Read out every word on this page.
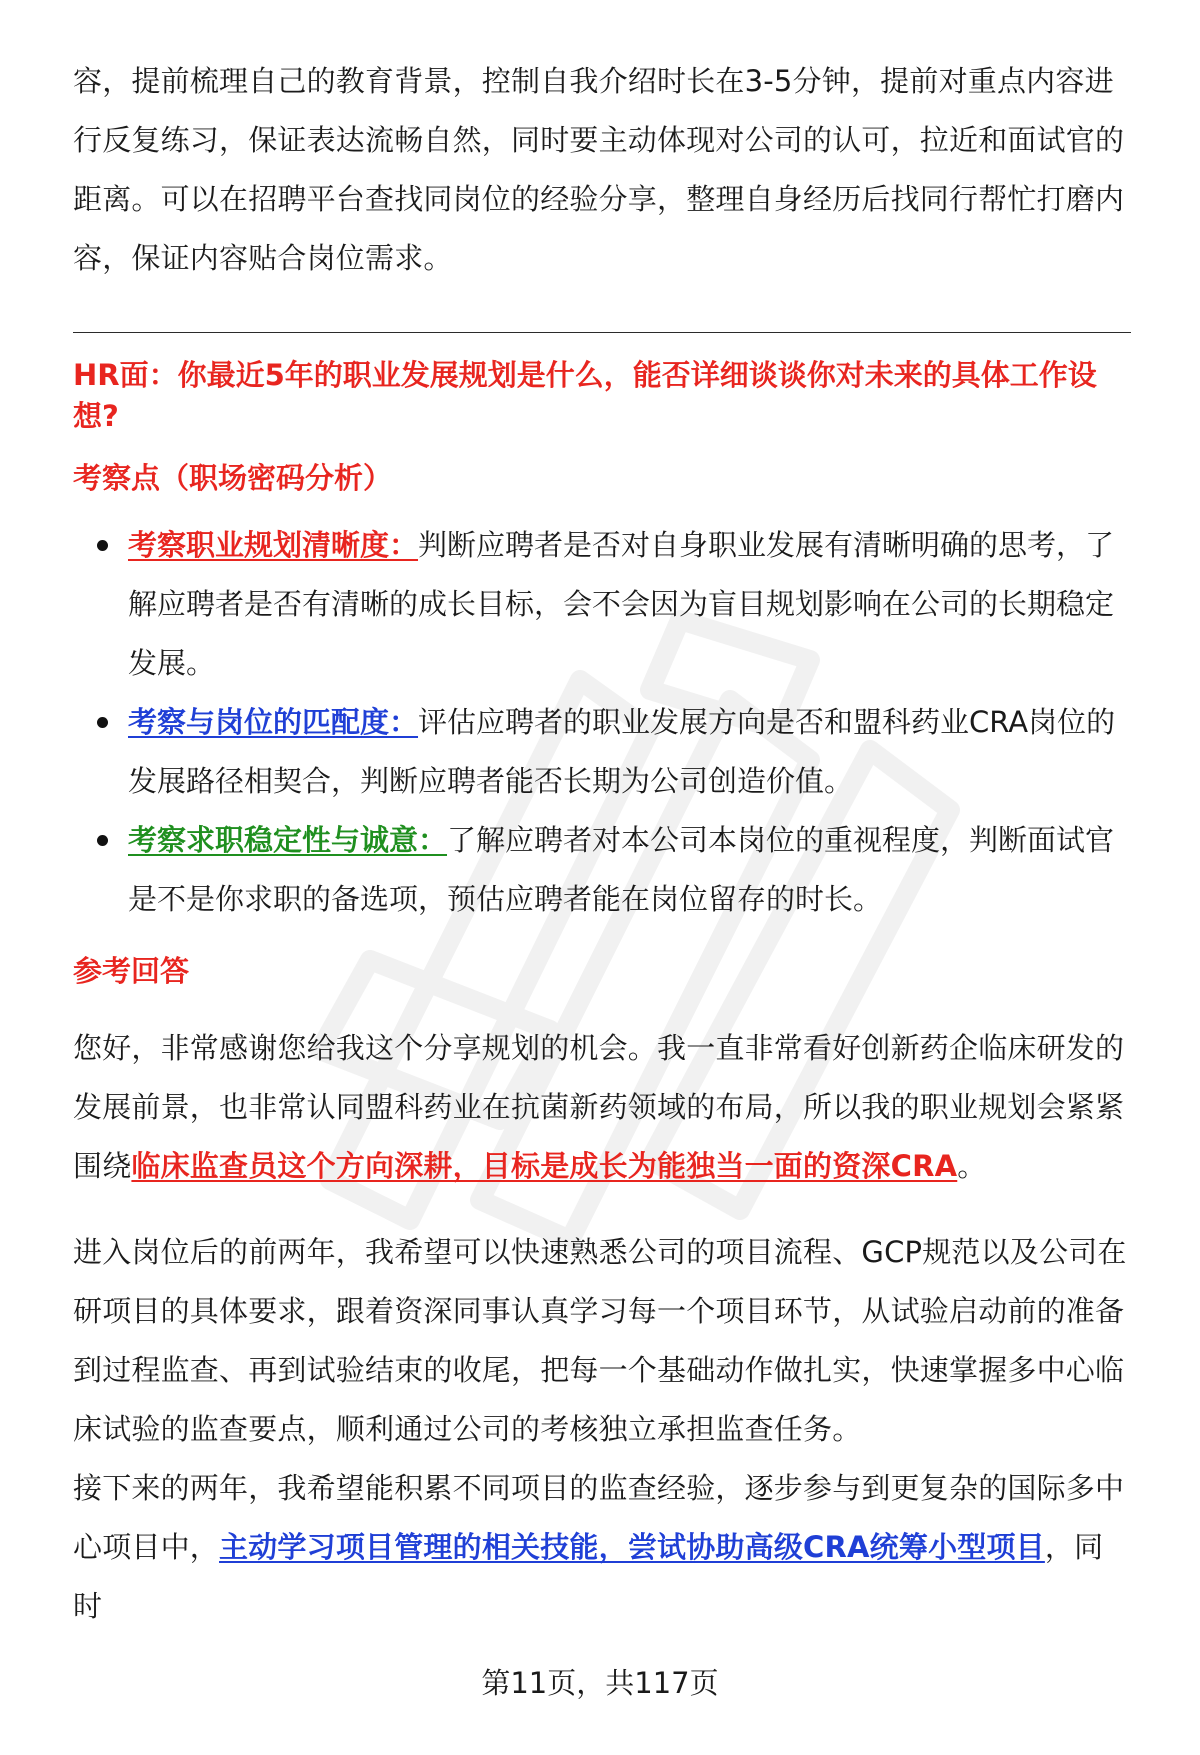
容，提前梳理自己的教育背景，控制自我介绍时长在3-5分钟，提前对重点内容进行反复练习，保证表达流畅自然，同时要主动体现对公司的认可，拉近和面试官的距离。可以在招聘平台查找同岗位的经验分享，整理自身经历后找同行帮忙打磨内容，保证内容贴合岗位需求。

HR面：你最近5年的职业发展规划是什么，能否详细谈谈你对未来的具体工作设想?

考察点（职场密码分析）

考察职业规划清晰度：判断应聘者是否对自身职业发展有清晰明确的思考，了解应聘者是否有清晰的成长目标，会不会因为盲目规划影响在公司的长期稳定发展。
考察与岗位的匹配度：评估应聘者的职业发展方向是否和盟科药业CRA岗位的发展路径相契合，判断应聘者能否长期为公司创造价值。
考察求职稳定性与诚意：了解应聘者对本公司本岗位的重视程度，判断面试官是不是你求职的备选项，预估应聘者能在岗位留存的时长。

参考回答

您好，非常感谢您给我这个分享规划的机会。我一直非常看好创新药企临床研发的发展前景，也非常认同盟科药业在抗菌新药领域的布局，所以我的职业规划会紧紧围绕临床监查员这个方向深耕，目标是成长为能独当一面的资深CRA。

进入岗位后的前两年，我希望可以快速熟悉公司的项目流程、GCP规范以及公司在研项目的具体要求，跟着资深同事认真学习每一个项目环节，从试验启动前的准备到过程监查、再到试验结束的收尾，把每一个基础动作做扎实，快速掌握多中心临床试验的监查要点，顺利通过公司的考核独立承担监查任务。

接下来的两年，我希望能积累不同项目的监查经验，逐步参与到更复杂的国际多中心项目中，主动学习项目管理的相关技能，尝试协助高级CRA统筹小型项目，同时

第11页，共117页
